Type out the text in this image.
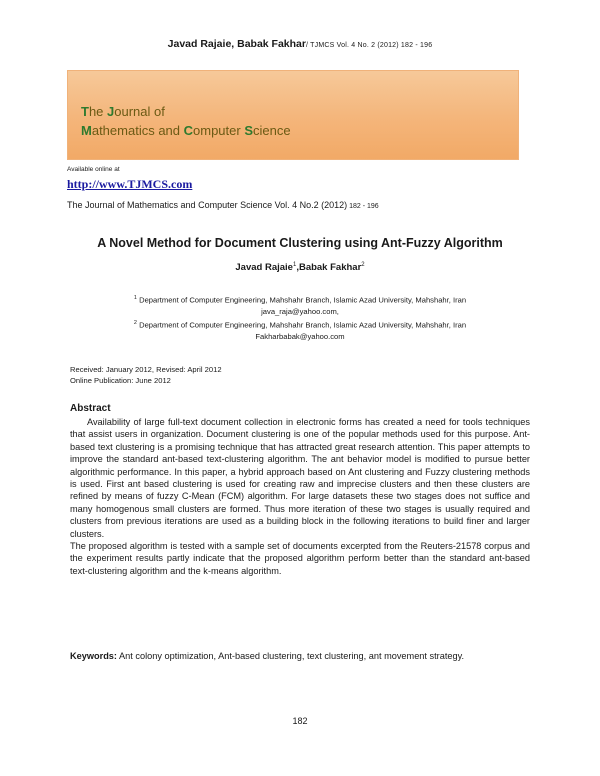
Javad Rajaie, Babak Fakhar/ TJMCS Vol. 4 No. 2 (2012) 182 - 196
The Journal of
Mathematics and Computer Science
Available online at
http://www.TJMCS.com
The Journal of Mathematics and Computer Science Vol. 4 No.2 (2012) 182 - 196
A Novel Method for Document Clustering using Ant-Fuzzy Algorithm
Javad Rajaie$^1$,Babak Fakhar$^2$
$^1$ Department of Computer Engineering, Mahshahr Branch, Islamic Azad University, Mahshahr, Iran
java_raja@yahoo.com,
$^2$ Department of Computer Engineering, Mahshahr Branch, Islamic Azad University, Mahshahr, Iran
Fakharbabak@yahoo.com
Received: January 2012, Revised: April 2012
Online Publication: June 2012
Abstract

Availability of large full-text document collection in electronic forms has created a need for tools techniques that assist users in organization. Document clustering is one of the popular methods used for this purpose. Ant-based text clustering is a promising technique that has attracted great research attention. This paper attempts to improve the standard ant-based text-clustering algorithm. The ant behavior model is modified to pursue better algorithmic performance. In this paper, a hybrid approach based on Ant clustering and Fuzzy clustering methods is used. First ant based clustering is used for creating raw and imprecise clusters and then these clusters are refined by means of fuzzy C-Mean (FCM) algorithm. For large datasets these two stages does not suffice and many homogenous small clusters are formed. Thus more iteration of these two stages is usually required and clusters from previous iterations are used as a building block in the following iterations to build finer and larger clusters.

The proposed algorithm is tested with a sample set of documents excerpted from the Reuters-21578 corpus and the experiment results partly indicate that the proposed algorithm perform better than the standard ant-based text-clustering algorithm and the k-means algorithm.

Keywords: Ant colony optimization, Ant-based clustering, text clustering, ant movement strategy.
182
